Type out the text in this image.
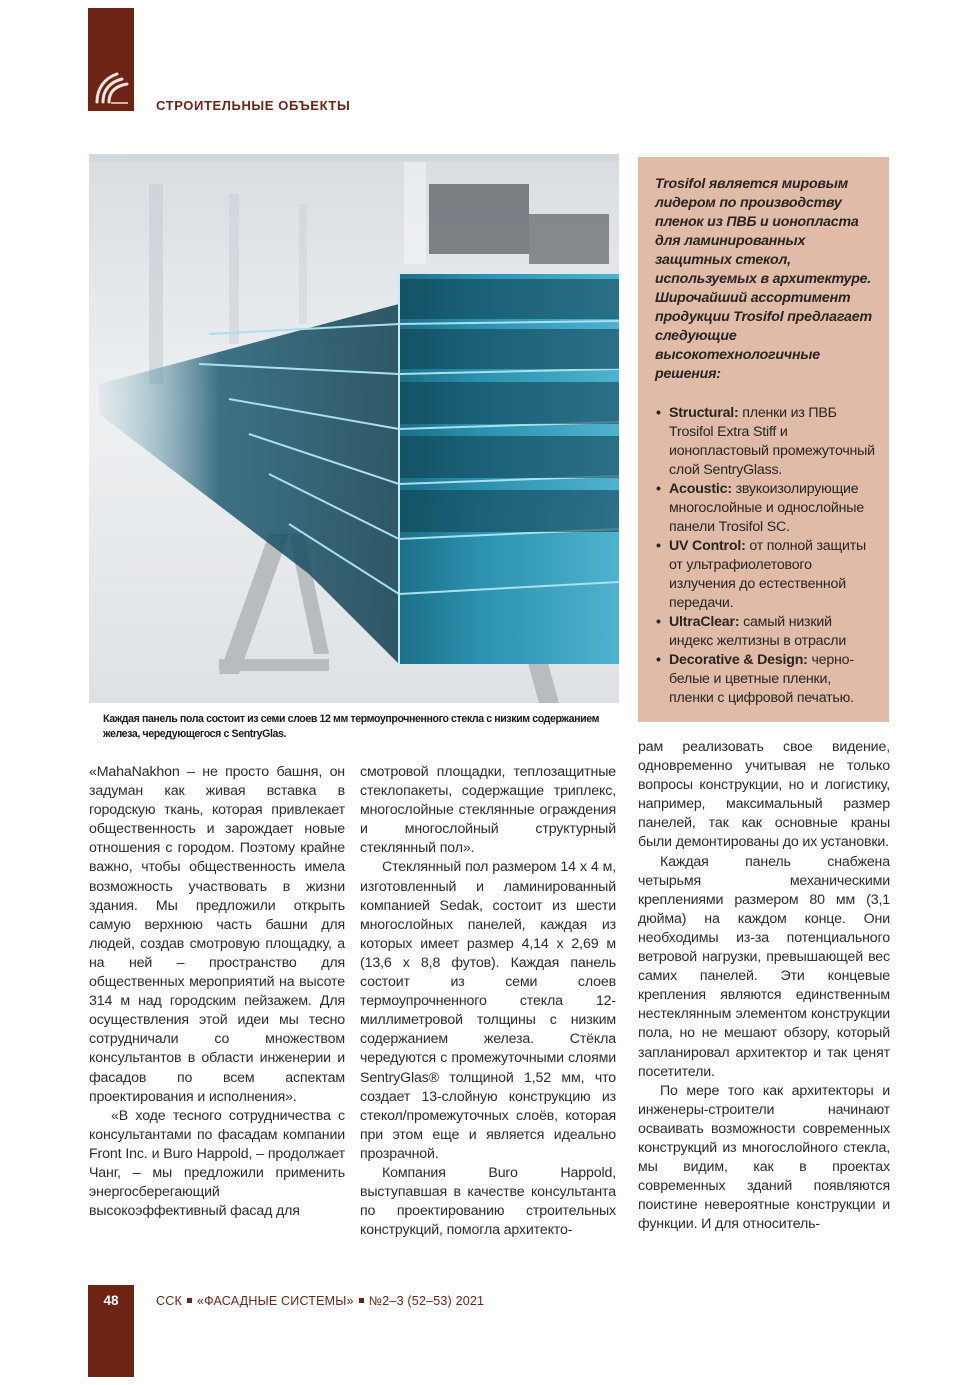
СТРОИТЕЛЬНЫЕ ОБЪЕКТЫ
Каждая панель пола состоит из семи слоев 12 мм термоупрочненного стекла с низким содержанием железа, чередующегося с SentryGlas.

Trosifol является мировым лидером по производству пленок из ПВБ и ионопласта для ламинированных защитных стекол, используемых в архитектуре. Широчайший ассортимент продукции Trosifol предлагает следующие высокотехнологичные решения:

• Structural: пленки из ПВБ Trosifol Extra Stiff и ионопластовый промежуточный слой SentryGlass.
• Acoustic: звукоизолирующие многослойные и однослойные панели Trosifol SC.
• UV Control: от полной защиты от ультрафиолетового излучения до естественной передачи.
• UltraClear: самый низкий индекс желтизны в отрасли
• Decorative & Design: черно-белые и цветные пленки, пленки с цифровой печатью.

«MahaNakhon – не просто башня, он задуман как живая вставка в городскую ткань, которая привлекает общественность и зарождает новые отношения с городом. Поэтому крайне важно, чтобы общественность имела возможность участвовать в жизни здания. Мы предложили открыть самую верхнюю часть башни для людей, создав смотровую площадку, а на ней – пространство для общественных мероприятий на высоте 314 м над городским пейзажем. Для осуществления этой идеи мы тесно сотрудничали со множеством консультантов в области инженерии и фасадов по всем аспектам проектирования и исполнения».

«В ходе тесного сотрудничества с консультантами по фасадам компании Front Inc. и Buro Happold, – продолжает Чанг, – мы предложили применить энергосберегающий высокоэффективный фасад для

смотровой площадки, теплозащитные стеклопакеты, содержащие триплекс, многослойные стеклянные ограждения и многослойный структурный стеклянный пол».

Стеклянный пол размером 14 х 4 м, изготовленный и ламинированный компанией Sedak, состоит из шести многослойных панелей, каждая из которых имеет размер 4,14 х 2,69 м (13,6 х 8,8 футов). Каждая панель состоит из семи слоев термоупрочненного стекла 12-миллиметровой толщины с низким содержанием железа. Стёкла чередуются с промежуточными слоями SentryGlas® толщиной 1,52 мм, что создает 13-слойную конструкцию из стекол/промежуточных слоёв, которая при этом еще и является идеально прозрачной.

Компания Buro Happold, выступавшая в качестве консультанта по проектированию строительных конструкций, помогла архитекто-

рам реализовать свое видение, одновременно учитывая не только вопросы конструкции, но и логистику, например, максимальный размер панелей, так как основные краны были демонтированы до их установки.

Каждая панель снабжена четырьмя механическими креплениями размером 80 мм (3,1 дюйма) на каждом конце. Они необходимы из-за потенциального ветровой нагрузки, превышающей вес самих панелей. Эти концевые крепления являются единственным нестеклянным элементом конструкции пола, но не мешают обзору, который запланировал архитектор и так ценят посетители.

По мере того как архитекторы и инженеры-строители начинают осваивать возможности современных конструкций из многослойного стекла, мы видим, как в проектах современных зданий появляются поистине невероятные конструкции и функции. И для относитель-

48	ССК «ФАСАДНЫЕ СИСТЕМЫ» №2–3 (52–53) 2021
